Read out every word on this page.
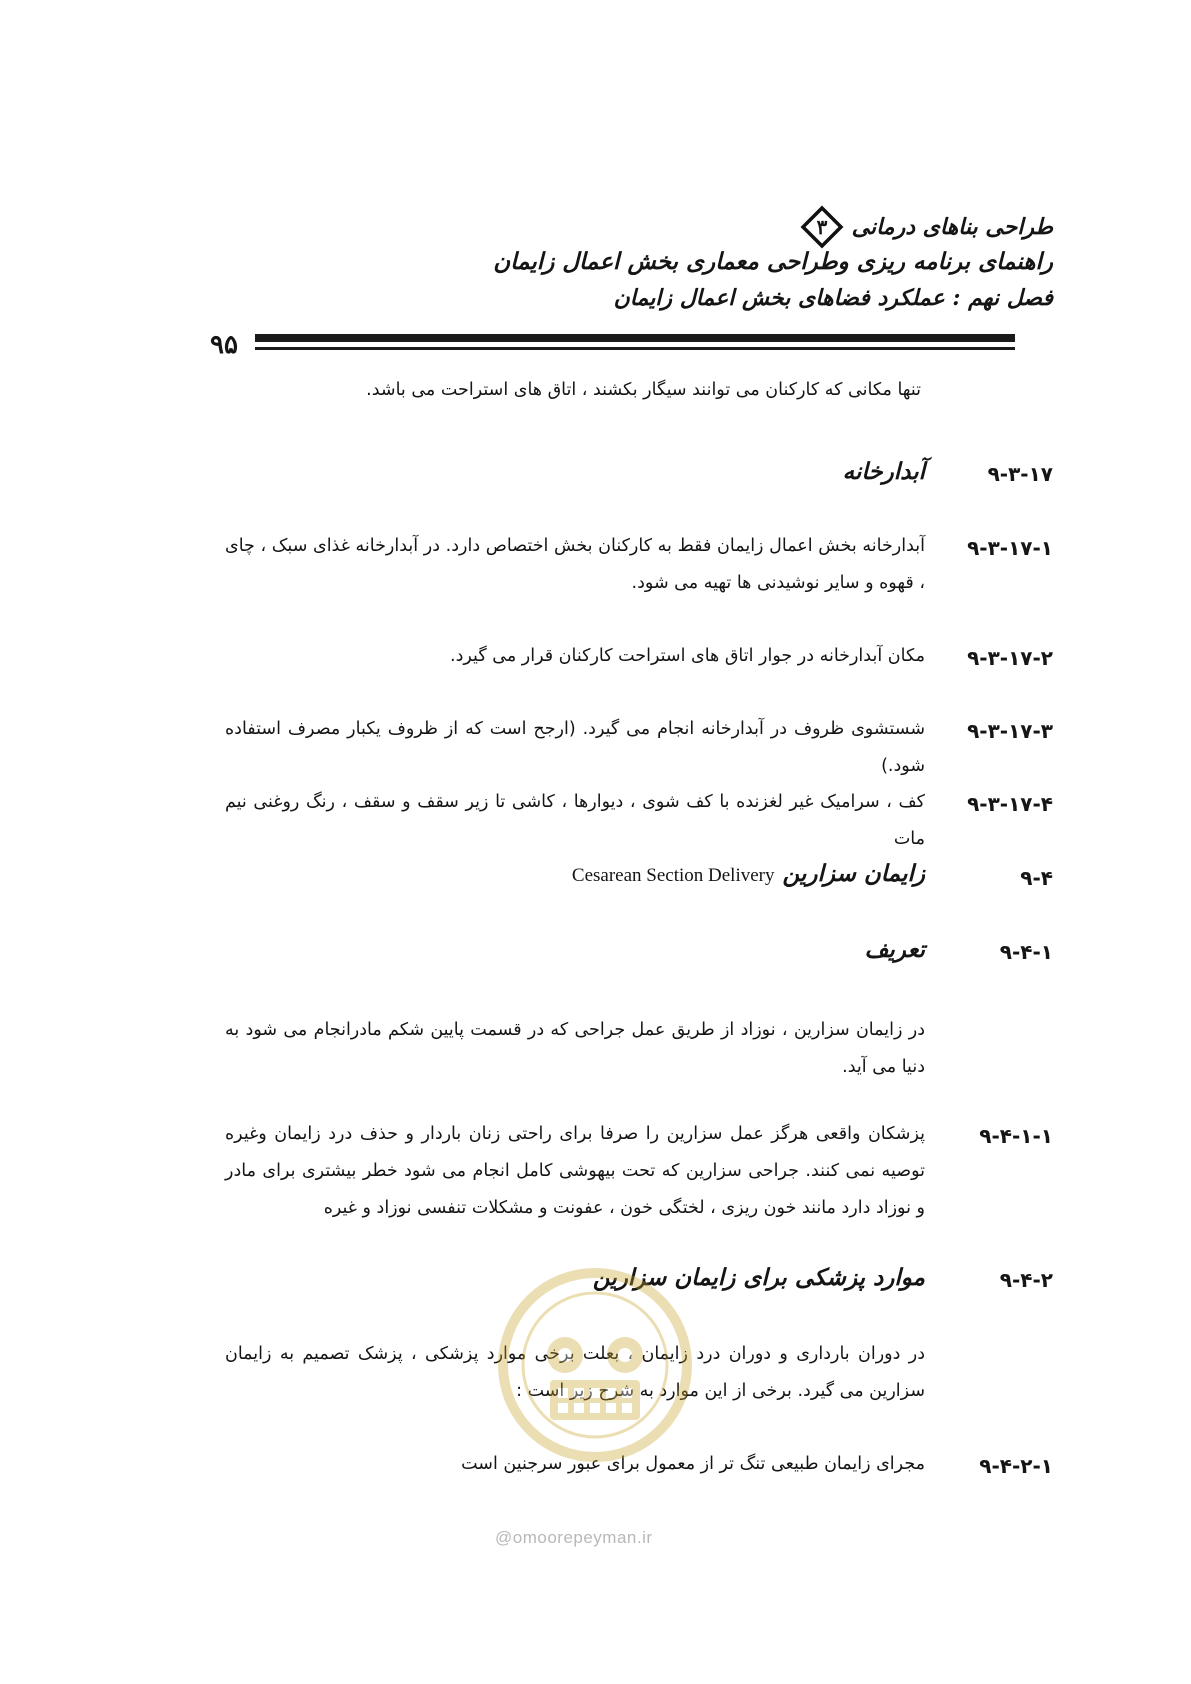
طراحی بناهای درمانی
۳
راهنمای برنامه ریزی وطراحی معماری بخش اعمال زایمان
فصل نهم : عملکرد فضاهای بخش اعمال زایمان
۹۵
تنها مکانی که کارکنان می توانند سیگار بکشند ، اتاق های استراحت می باشد.
۹-۳-۱۷
آبدارخانه
۹-۳-۱۷-۱
آبدارخانه بخش اعمال زایمان فقط به کارکنان بخش اختصاص دارد. در آبدارخانه غذای سبک ، چای ، قهوه و سایر نوشیدنی ها تهیه می شود.
۹-۳-۱۷-۲
مکان آبدارخانه در جوار اتاق های استراحت کارکنان قرار می گیرد.
۹-۳-۱۷-۳
شستشوی ظروف در آبدارخانه انجام می گیرد. (ارجح است که از ظروف یکبار مصرف استفاده شود.)
۹-۳-۱۷-۴
کف ، سرامیک غیر لغزنده با کف شوی ، دیوارها ، کاشی تا زیر سقف و سقف ، رنگ روغنی نیم مات
۹-۴
زایمان سزارین Cesarean Section Delivery
۹-۴-۱
تعریف
در زایمان سزارین ، نوزاد از طریق عمل جراحی که در قسمت پایین شکم مادرانجام می شود به دنیا می آید.
۹-۴-۱-۱
پزشکان واقعی هرگز عمل سزارین را صرفا برای راحتی زنان باردار و حذف درد زایمان وغیره توصیه نمی کنند. جراحی سزارین که تحت بیهوشی کامل انجام می شود خطر بیشتری برای مادر و نوزاد دارد مانند خون ریزی ، لختگی خون ، عفونت و مشکلات تنفسی نوزاد و غیره
۹-۴-۲
موارد پزشکی برای زایمان سزارین
در دوران بارداری و دوران درد زایمان ، بعلت برخی موارد پزشکی ، پزشک تصمیم به زایمان سزارین می گیرد. برخی از این موارد به شرح زیر است :
۹-۴-۲-۱
مجرای زایمان طبیعی تنگ تر از معمول برای عبور سرجنین است
@omoorepeyman.ir
